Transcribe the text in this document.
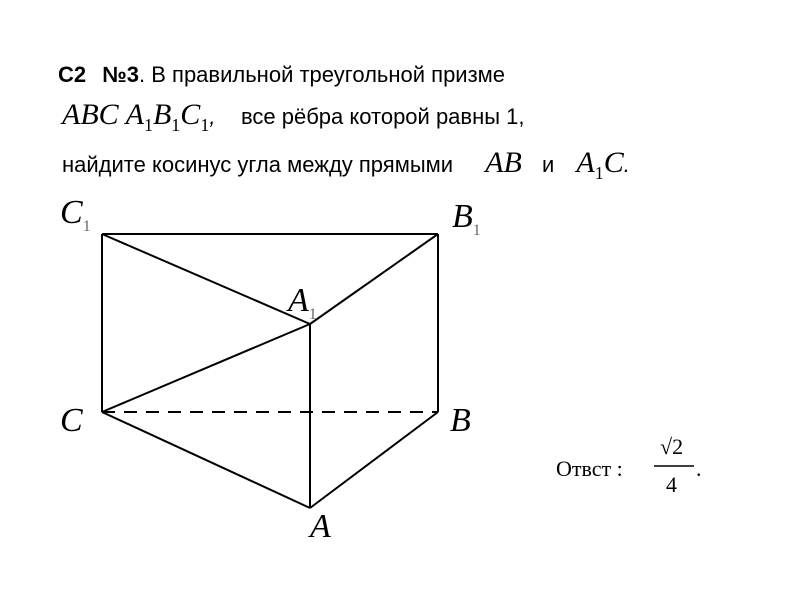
С2 №3. В правильной треугольной призме
ABC $A_1B_1C_1$, все рёбра которой равны 1,
найдите косинус угла между прямыми AB и $A_1C$.
$C_1$	$B_1$
$A_1$
C	B
A
Отвст :
√2
4
.
